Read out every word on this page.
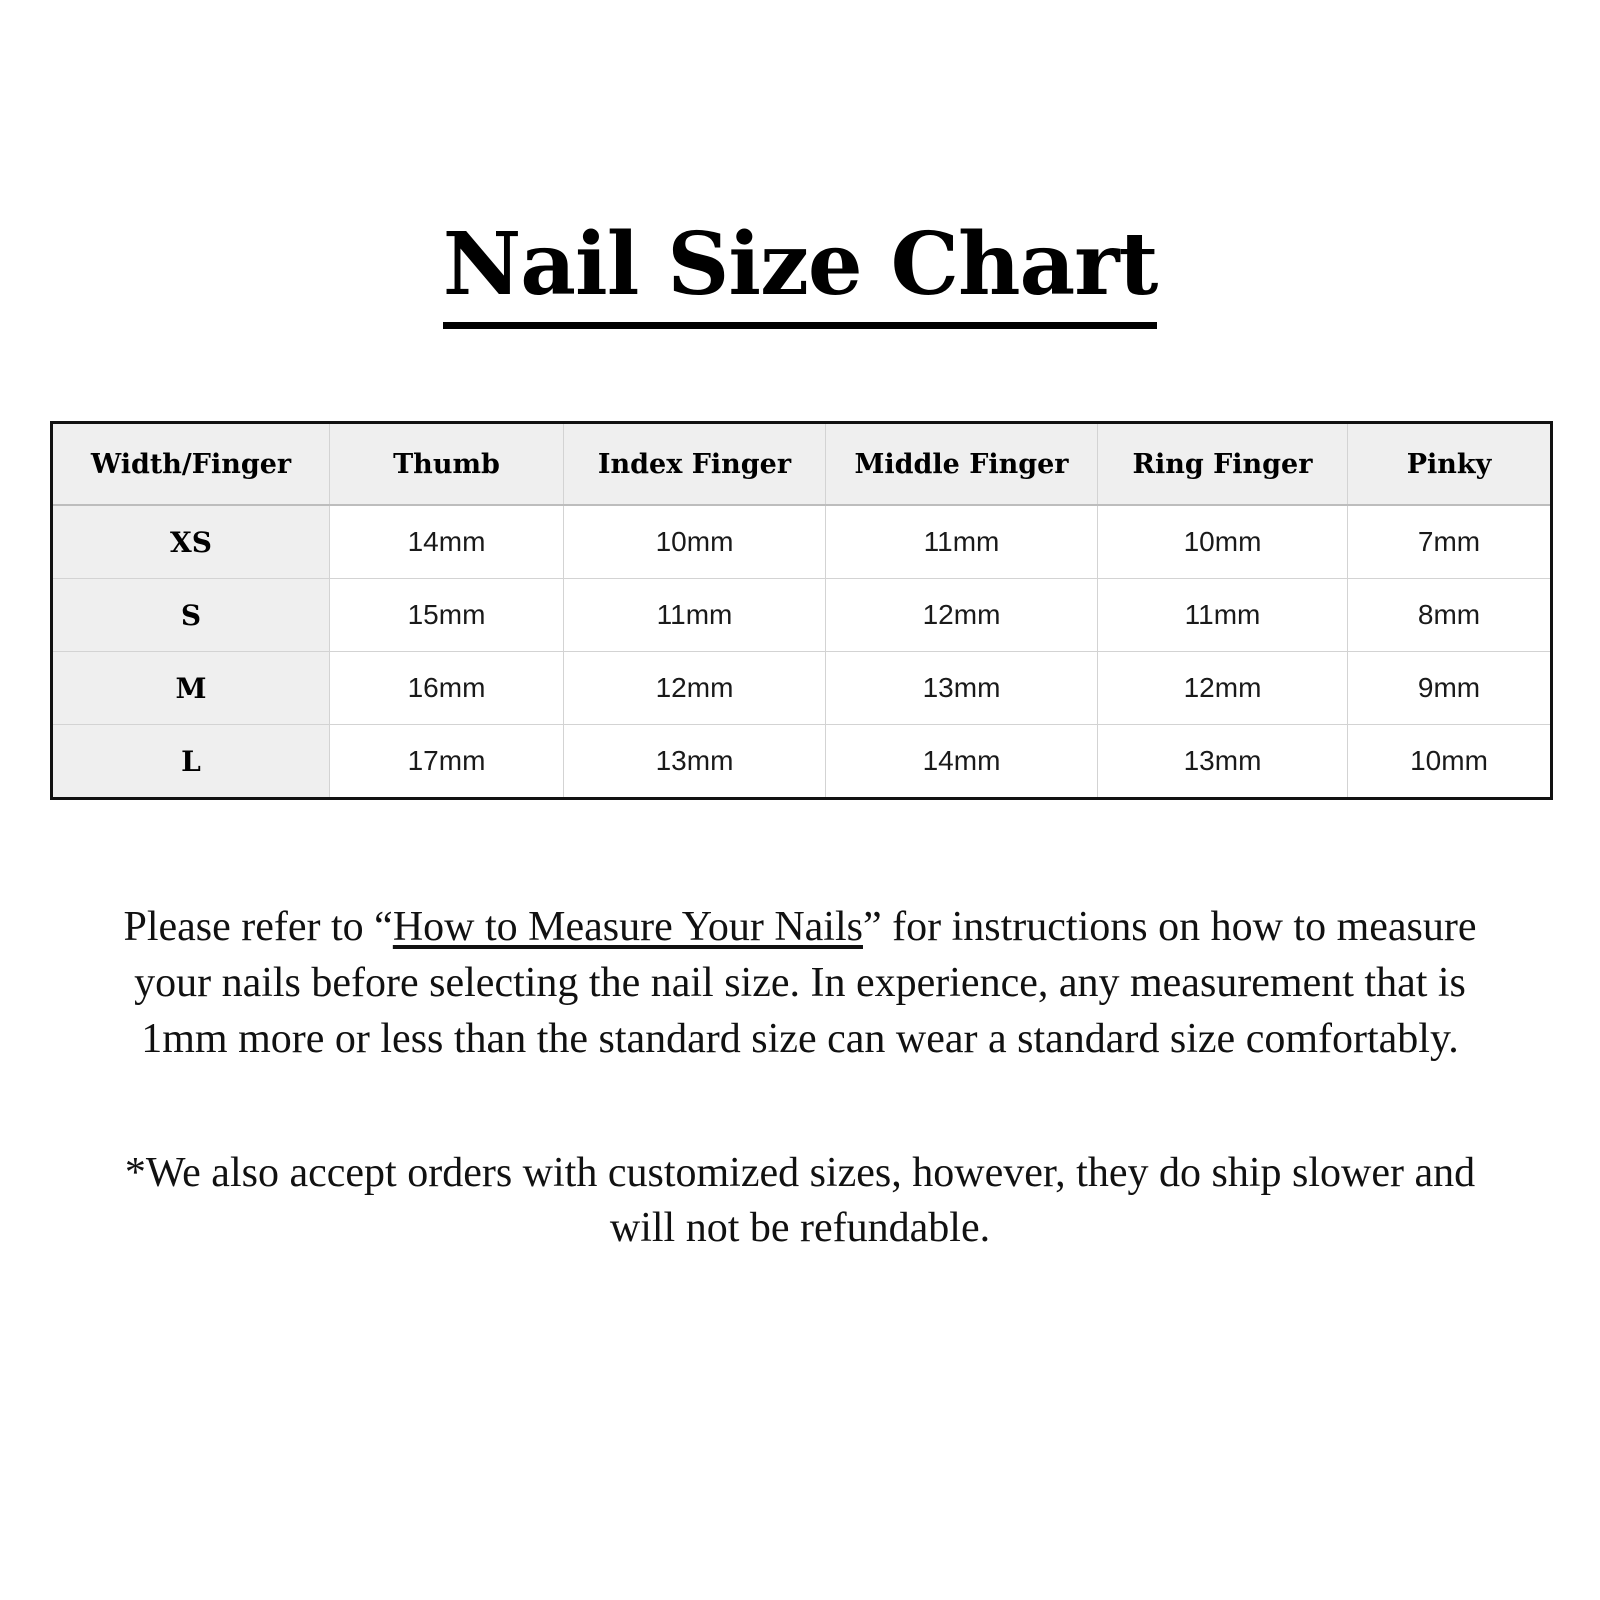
Nail Size Chart
Width/Finger	Thumb	Index Finger	Middle Finger	Ring Finger	Pinky
XS	14mm	10mm	11mm	10mm	7mm
S	15mm	11mm	12mm	11mm	8mm
M	16mm	12mm	13mm	12mm	9mm
L	17mm	13mm	14mm	13mm	10mm

Please refer to “How to Measure Your Nails” for instructions on how to measure your nails before selecting the nail size. In experience, any measurement that is 1mm more or less than the standard size can wear a standard size comfortably.

*We also accept orders with customized sizes, however, they do ship slower and will not be refundable.
